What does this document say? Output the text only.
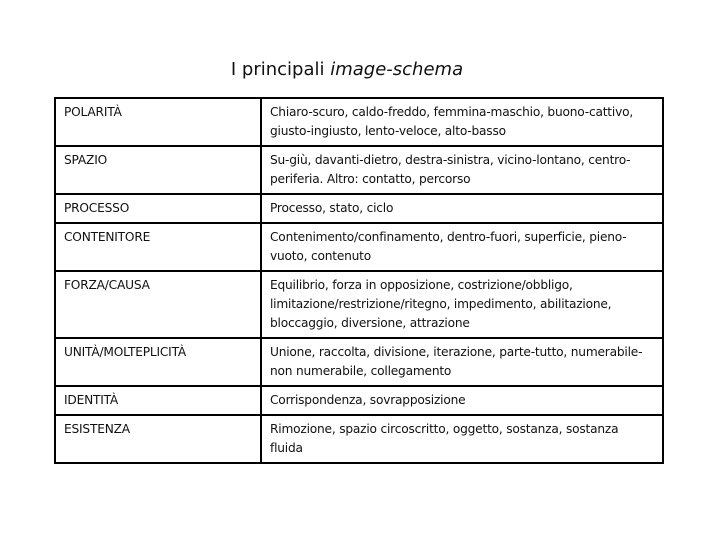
I principali image-schema
POLARITÀ	Chiaro-scuro, caldo-freddo, femmina-maschio, buono-cattivo, giusto-ingiusto, lento-veloce, alto-basso
SPAZIO	Su-giù, davanti-dietro, destra-sinistra, vicino-lontano, centro-periferia. Altro: contatto, percorso
PROCESSO	Processo, stato, ciclo
CONTENITORE	Contenimento/confinamento, dentro-fuori, superficie, pieno-vuoto, contenuto
FORZA/CAUSA	Equilibrio, forza in opposizione, costrizione/obbligo, limitazione/restrizione/ritegno, impedimento, abilitazione, bloccaggio, diversione, attrazione
UNITÀ/MOLTEPLICITÀ	Unione, raccolta, divisione, iterazione, parte-tutto, numerabile-non numerabile, collegamento
IDENTITÀ	Corrispondenza, sovrapposizione
ESISTENZA	Rimozione, spazio circoscritto, oggetto, sostanza, sostanza fluida
